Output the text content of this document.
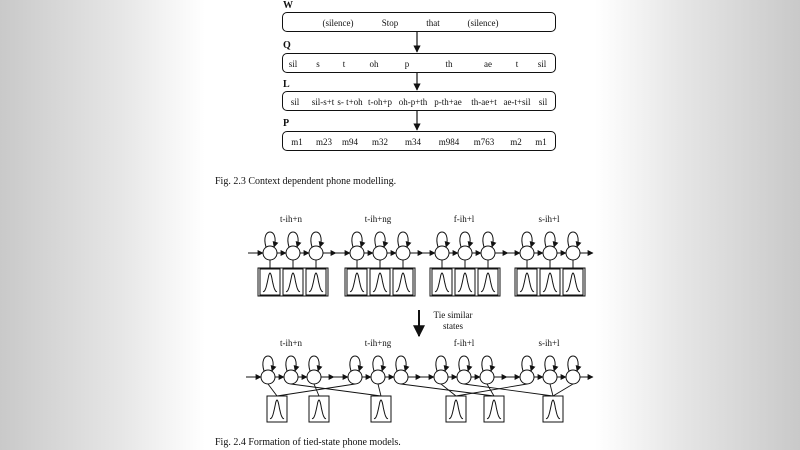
W
(silence)	Stop	that	(silence)
Q
sil s	t	oh	p	th	ae	t sil
L
sil sil-s+t s- t+oh t-oh+p oh-p+th p-th+ae th-ae+t ae-t+sil sil
P
m1 m23 m94 m32 m34 m984 m763 m2 m1
Fig. 2.3 Context dependent phone modelling.
t-ih+n	t-ih+ng	f-ih+l	s-ih+l
Tie similar
states
t-ih+n	t-ih+ng	f-ih+l	s-ih+l
Fig. 2.4 Formation of tied-state phone models.
